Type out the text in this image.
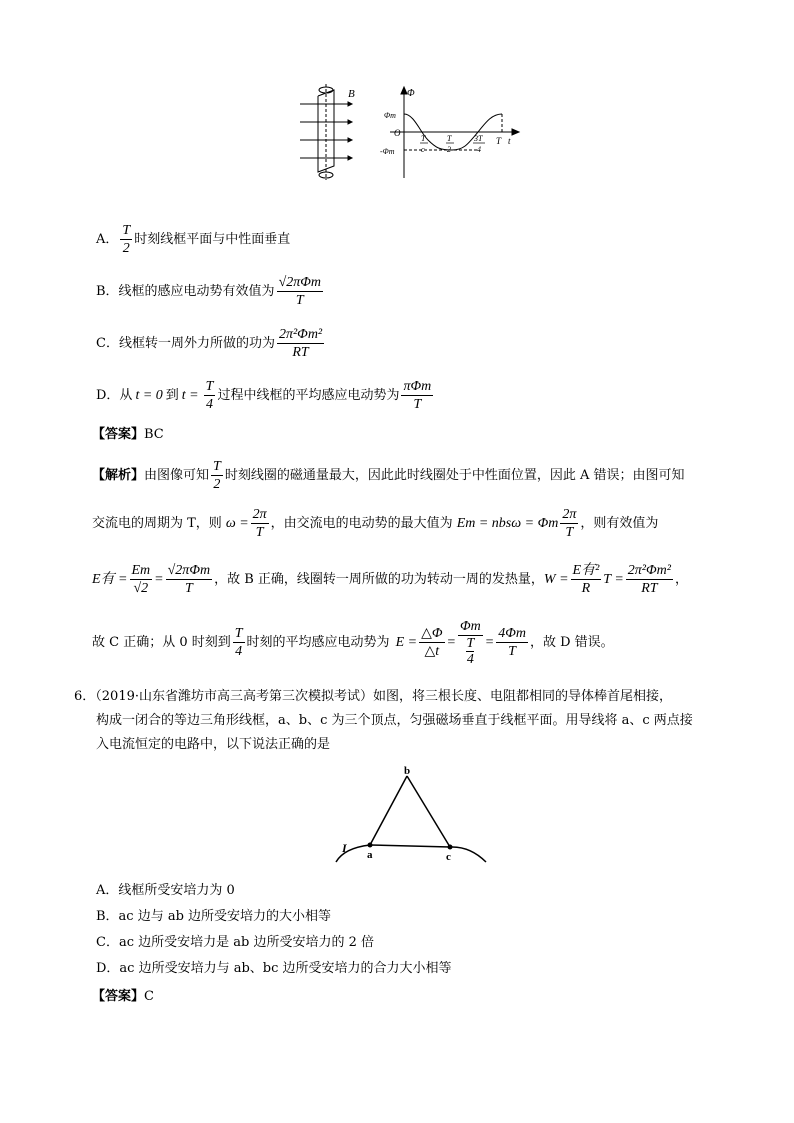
B	Φ
Φm
O
-Φm
T
c
T
2
3T
4
T t
A． $\frac{T}{2}$ 时刻线框平面与中性面垂直
B．线框的感应电动势有效值为 $\frac{\text{√2πΦm}}{T}$
C．线框转一周外力所做的功为 $\frac{\text{2π²Φm²}}{RT}$
D．从 t = 0 到 $t = \frac{T}{4}$ 过程中线框的平均感应电动势为 $\frac{\text{πΦm}}{T}$
【答案】BC
【解析】 由图像可知 $\frac{T}{2}$ 时刻线圈的磁通量最大，因此此时线圈处于中性面位置，因此 A 错误；由图可知
交流电的周期为 T，则 $\omega = \frac{2\pi}{T}$ ，由交流电的电动势的最大值为 Em = nbsω = Φm $\frac{2\pi}{T}$ ，则有效值为
E有 = $\frac{Em}{√2} = \frac{\text{√2πΦm}}{T}$ ，故 B 正确，线圈转一周所做的功为转动一周的发热量， $W = \frac{\text{E有²}}{R}$ $T = \frac{\text{2π²Φm²}}{RT}$ ，
故 C 正确；从 0 时刻到 $\frac{T}{4}$ 时刻的平均感应电动势为 $E = \frac{\triangle\Phi}{\triangle t} = \Phi m$
T
$4 = \frac{4\Phi m}{T}$ ，故 D 错误。
6．（2019·山东省潍坊市高三高考第三次模拟考试）如图，将三根长度、电阻都相同的导体棒首尾相接，
构成一闭合的等边三角形线框，a、b、c 为三个顶点，匀强磁场垂直于线框平面。用导线将 a、c 两点接
入电流恒定的电路中，以下说法正确的是
b
a	c
I
A．线框所受安培力为 0
B．ac 边与 ab 边所受安培力的大小相等
C．ac 边所受安培力是 ab 边所受安培力的 2 倍
D．ac 边所受安培力与 ab、bc 边所受安培力的合力大小相等
【答案】C
